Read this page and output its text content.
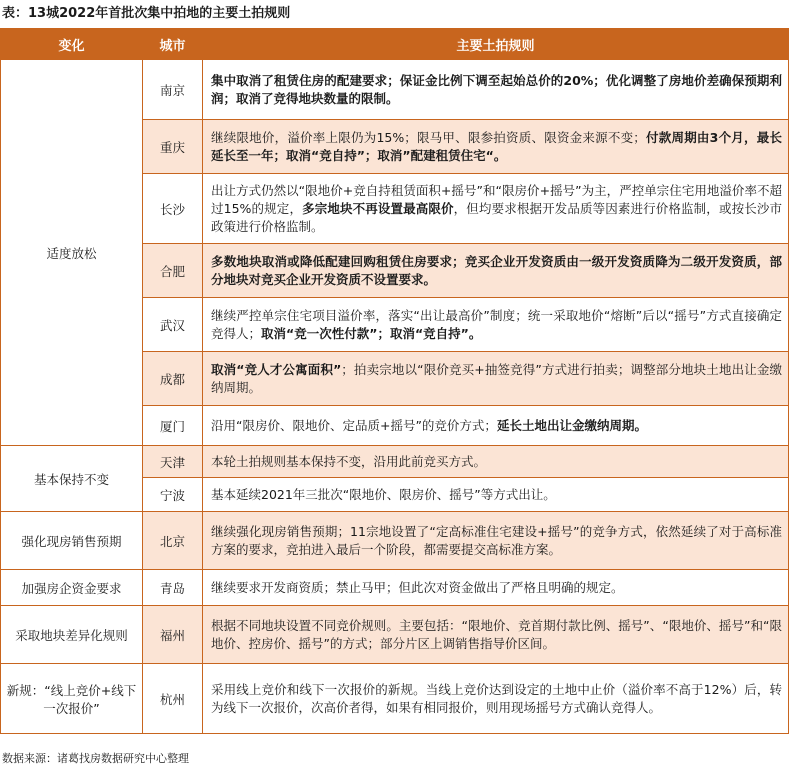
表：13城2022年首批次集中拍地的主要土拍规则
变化	城市	主要土拍规则
适度放松	南京	集中取消了租赁住房的配建要求；保证金比例下调至起始总价的20%；优化调整了房地价差确保预期利润；取消了竞得地块数量的限制。
	重庆	继续限地价，溢价率上限仍为15%；限马甲、限参拍资质、限资金来源不变；付款周期由3个月，最长延长至一年；取消“竞自持”；取消”配建租赁住宅“。
	长沙	出让方式仍然以“限地价+竞自持租赁面积+摇号”和“限房价+摇号”为主，严控单宗住宅用地溢价率不超过15%的规定，多宗地块不再设置最高限价，但均要求根据开发品质等因素进行价格监制，或按长沙市政策进行价格监制。
	合肥	多数地块取消或降低配建回购租赁住房要求；竞买企业开发资质由一级开发资质降为二级开发资质，部分地块对竞买企业开发资质不设置要求。
	武汉	继续严控单宗住宅项目溢价率，落实“出让最高价”制度；统一采取地价“熔断”后以“摇号”方式直接确定竞得人；取消“竞一次性付款”；取消“竞自持”。
	成都	取消“竞人才公寓面积”；拍卖宗地以“限价竞买+抽签竞得”方式进行拍卖；调整部分地块土地出让金缴纳周期。
	厦门	沿用“限房价、限地价、定品质+摇号”的竞价方式；延长土地出让金缴纳周期。
基本保持不变	天津	本轮土拍规则基本保持不变，沿用此前竞买方式。
	宁波	基本延续2021年三批次“限地价、限房价、摇号”等方式出让。
强化现房销售预期	北京	继续强化现房销售预期；11宗地设置了“定高标准住宅建设+摇号”的竞争方式，依然延续了对于高标准方案的要求，竞拍进入最后一个阶段，都需要提交高标准方案。
加强房企资金要求	青岛	继续要求开发商资质；禁止马甲；但此次对资金做出了严格且明确的规定。
采取地块差异化规则	福州	根据不同地块设置不同竞价规则。主要包括：“限地价、竞首期付款比例、摇号”、“限地价、摇号”和“限地价、控房价、摇号”的方式；部分片区上调销售指导价区间。
新规：“线上竞价+线下一次报价”	杭州	采用线上竞价和线下一次报价的新规。当线上竞价达到设定的土地中止价（溢价率不高于12%）后，转为线下一次报价，次高价者得，如果有相同报价，则用现场摇号方式确认竞得人。
数据来源：诸葛找房数据研究中心整理
